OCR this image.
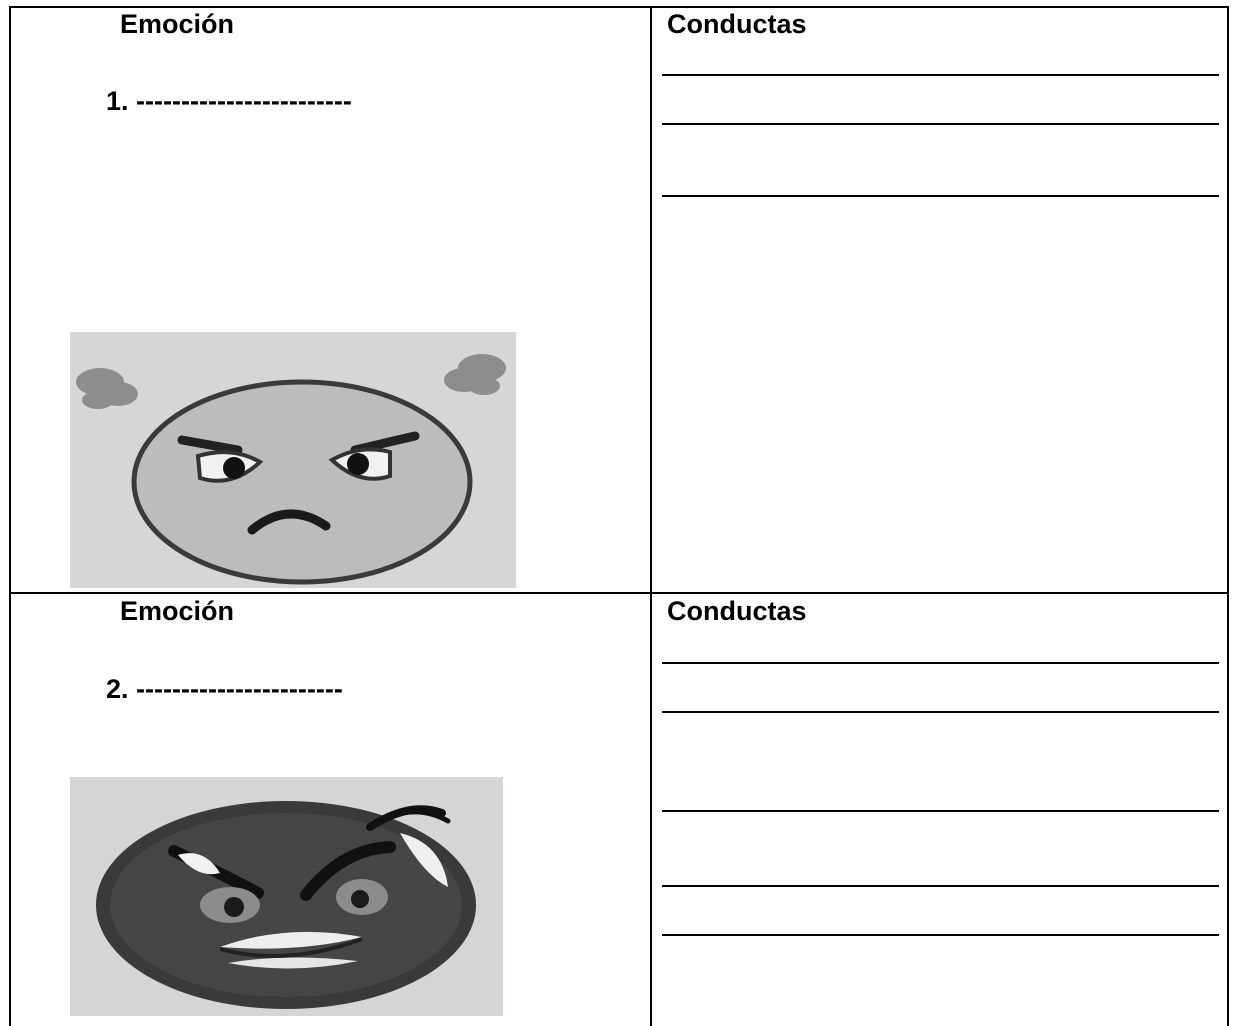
Emoción
1. ------------------------
Conductas
Emoción
2. -----------------------
Conductas
